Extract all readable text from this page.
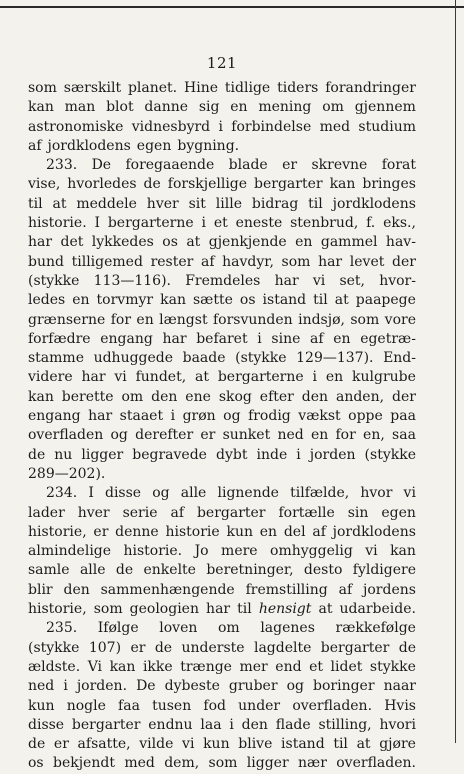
121
som særskilt planet. Hine tidlige tiders forandringer
kan man blot danne sig en mening om gjennem
astronomiske vidnesbyrd i forbindelse med studium
af jordklodens egen bygning.
233. De foregaaende blade er skrevne forat
vise, hvorledes de forskjellige bergarter kan bringes
til at meddele hver sit lille bidrag til jordklodens
historie. I bergarterne i et eneste stenbrud, f. eks.,
har det lykkedes os at gjenkjende en gammel hav-
bund tilligemed rester af havdyr, som har levet der
(stykke 113—116). Fremdeles har vi set, hvor-
ledes en torvmyr kan sætte os istand til at paapege
grænserne for en længst forsvunden indsjø, som vore
forfædre engang har befaret i sine af en egetræ-
stamme udhuggede baade (stykke 129—137). End-
videre har vi fundet, at bergarterne i en kulgrube
kan berette om den ene skog efter den anden, der
engang har staaet i grøn og frodig vækst oppe paa
overfladen og derefter er sunket ned en for en, saa
de nu ligger begravede dybt inde i jorden (stykke
289—202).
234. I disse og alle lignende tilfælde, hvor vi
lader hver serie af bergarter fortælle sin egen
historie, er denne historie kun en del af jordklodens
almindelige historie. Jo mere omhyggelig vi kan
samle alle de enkelte beretninger, desto fyldigere
blir den sammenhængende fremstilling af jordens
historie, som geologien har til hensigt at udarbeide.
235. Ifølge loven om lagenes rækkefølge
(stykke 107) er de underste lagdelte bergarter de
ældste. Vi kan ikke trænge mer end et lidet stykke
ned i jorden. De dybeste gruber og boringer naar
kun nogle faa tusen fod under overfladen. Hvis
disse bergarter endnu laa i den flade stilling, hvori
de er afsatte, vilde vi kun blive istand til at gjøre
os bekjendt med dem, som ligger nær overfladen.
